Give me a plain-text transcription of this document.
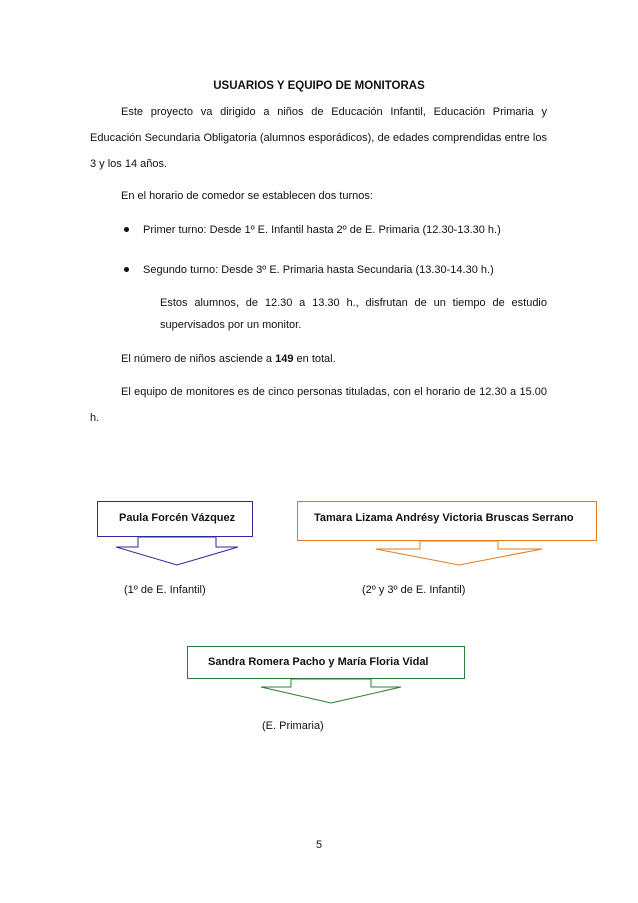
USUARIOS Y EQUIPO DE MONITORAS
Este proyecto va dirigido a niños de Educación Infantil, Educación Primaria y Educación Secundaria Obligatoria (alumnos esporádicos), de edades comprendidas entre los 3 y los 14 años.
En el horario de comedor se establecen dos turnos:
Primer turno: Desde 1º E. Infantil hasta 2º de E. Primaria (12.30-13.30 h.)
Segundo turno: Desde 3º E. Primaria hasta Secundaria (13.30-14.30 h.)
Estos alumnos, de 12.30 a 13.30 h., disfrutan de un tiempo de estudio supervisados por un monitor.
El número de niños asciende a 149 en total.
El equipo de monitores es de cinco personas tituladas, con el horario de 12.30 a 15.00 h.
Paula Forcén Vázquez
(1º de E. Infantil)
Tamara Lizama Andrésy Victoria Bruscas Serrano
(2º y 3º de E. Infantil)
Sandra Romera Pacho y María Floria Vidal
(E. Primaria)
5
